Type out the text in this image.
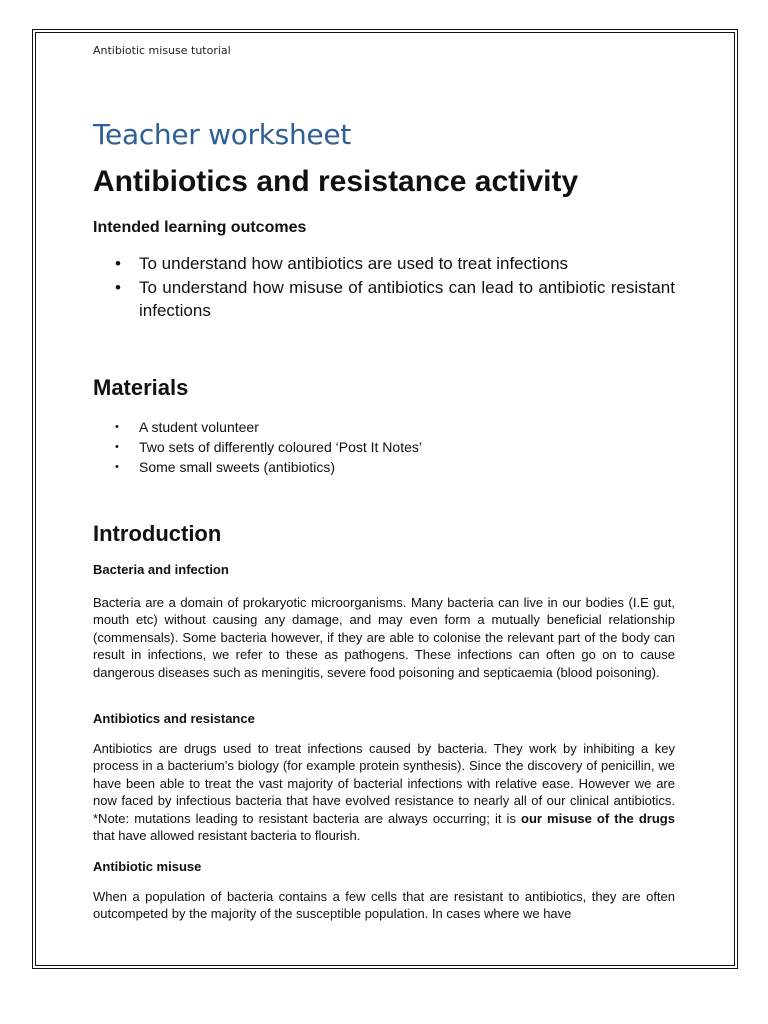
Antibiotic misuse tutorial
Teacher worksheet
Antibiotics and resistance activity
Intended learning outcomes
• To understand how antibiotics are used to treat infections
• To understand how misuse of antibiotics can lead to antibiotic resistant infections
Materials
• A student volunteer
• Two sets of differently coloured ‘Post It Notes’
• Some small sweets (antibiotics)
Introduction
Bacteria and infection

Bacteria are a domain of prokaryotic microorganisms. Many bacteria can live in our bodies (I.E gut, mouth etc) without causing any damage, and may even form a mutually beneficial relationship (commensals). Some bacteria however, if they are able to colonise the relevant part of the body can result in infections, we refer to these as pathogens. These infections can often go on to cause dangerous diseases such as meningitis, severe food poisoning and septicaemia (blood poisoning).

Antibiotics and resistance

Antibiotics are drugs used to treat infections caused by bacteria. They work by inhibiting a key process in a bacterium’s biology (for example protein synthesis). Since the discovery of penicillin, we have been able to treat the vast majority of bacterial infections with relative ease. However we are now faced by infectious bacteria that have evolved resistance to nearly all of our clinical antibiotics. *Note: mutations leading to resistant bacteria are always occurring; it is our misuse of the drugs that have allowed resistant bacteria to flourish.

Antibiotic misuse

When a population of bacteria contains a few cells that are resistant to antibiotics, they are often outcompeted by the majority of the susceptible population. In cases where we have
